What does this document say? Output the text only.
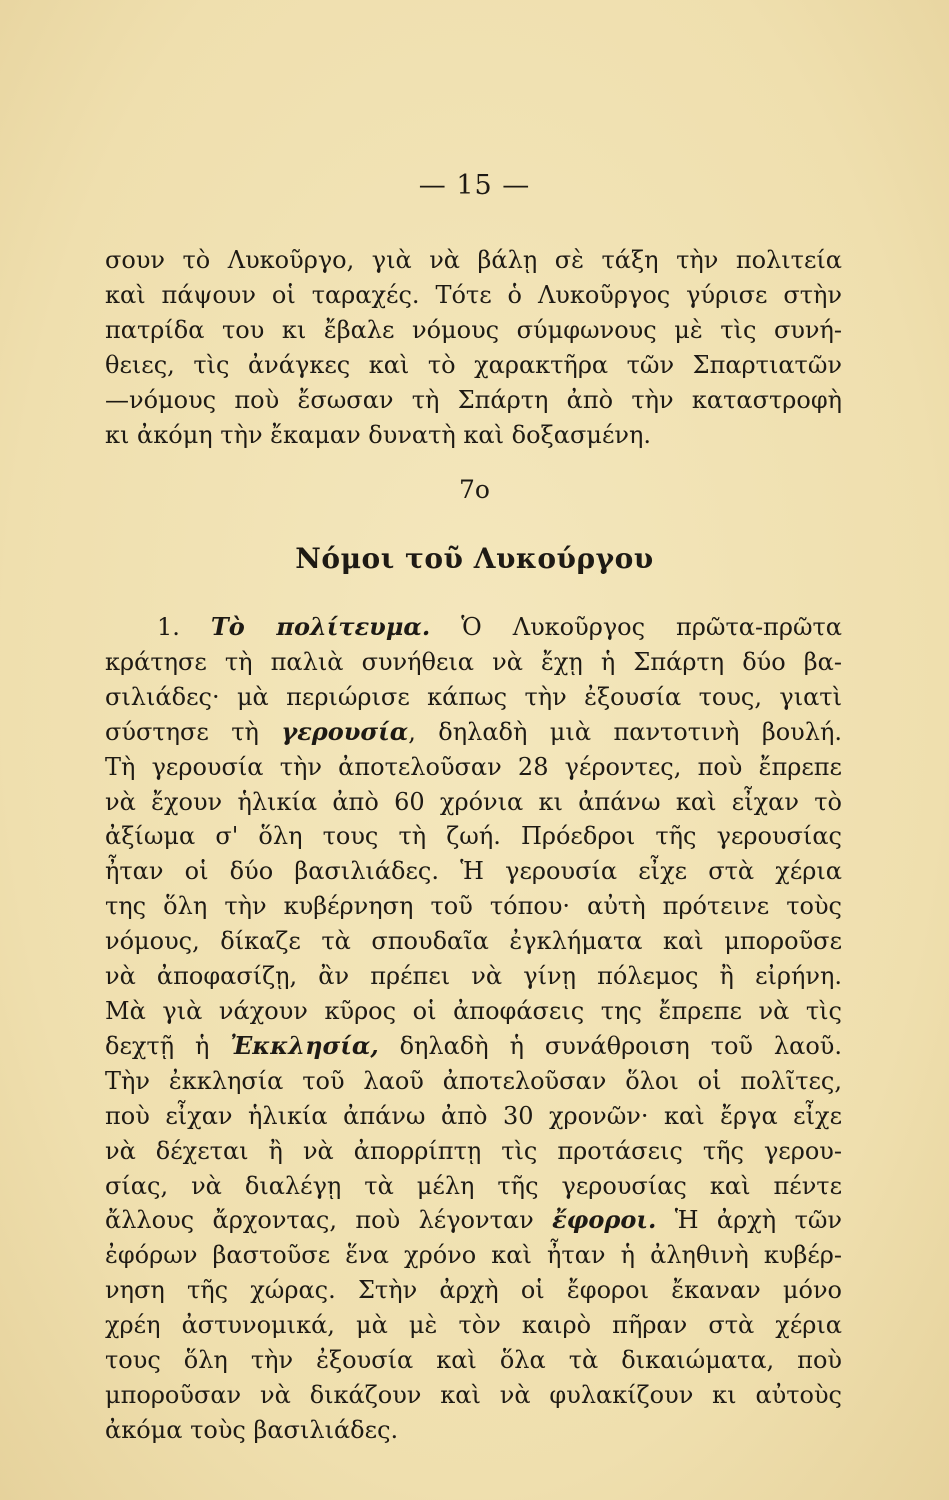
— 15 —
σουν τὸ Λυκοῦργο, γιὰ νὰ βάλῃ σὲ τάξη τὴν πολιτεία
καὶ πάψουν οἱ ταραχές. Τότε ὁ Λυκοῦργος γύρισε στὴν
πατρίδα του κι ἔβαλε νόμους σύμφωνους μὲ τὶς συνή-
θειες, τὶς ἀνάγκες καὶ τὸ χαρακτῆρα τῶν Σπαρτιατῶν
—νόμους ποὺ ἔσωσαν τὴ Σπάρτη ἀπὸ τὴν καταστροφὴ
κι ἀκόμη τὴν ἔκαμαν δυνατὴ καὶ δοξασμένη.
7ο
Νόμοι τοῦ Λυκούργου
1. Τὸ πολίτευμα. Ὁ Λυκοῦργος πρῶτα-πρῶτα
κράτησε τὴ παλιὰ συνήθεια νὰ ἔχῃ ἡ Σπάρτη δύο βα-
σιλιάδες· μὰ περιώρισε κάπως τὴν ἐξουσία τους, γιατὶ
σύστησε τὴ γερουσία, δηλαδὴ μιὰ παντοτινὴ βουλή.
Τὴ γερουσία τὴν ἀποτελοῦσαν 28 γέροντες, ποὺ ἔπρεπε
νὰ ἔχουν ἡλικία ἀπὸ 60 χρόνια κι ἀπάνω καὶ εἶχαν τὸ
ἀξίωμα σ' ὅλη τους τὴ ζωή. Πρόεδροι τῆς γερουσίας
ἦταν οἱ δύο βασιλιάδες. Ἡ γερουσία εἶχε στὰ χέρια
της ὅλη τὴν κυβέρνηση τοῦ τόπου· αὐτὴ πρότεινε τοὺς
νόμους, δίκαζε τὰ σπουδαῖα ἐγκλήματα καὶ μποροῦσε
νὰ ἀποφασίζῃ, ἂν πρέπει νὰ γίνῃ πόλεμος ἢ εἰρήνη.
Μὰ γιὰ νάχουν κῦρος οἱ ἀποφάσεις της ἔπρεπε νὰ τὶς
δεχτῇ ἡ Ἐκκλησία, δηλαδὴ ἡ συνάθροιση τοῦ λαοῦ.
Τὴν ἐκκλησία τοῦ λαοῦ ἀποτελοῦσαν ὅλοι οἱ πολῖτες,
ποὺ εἶχαν ἡλικία ἀπάνω ἀπὸ 30 χρονῶν· καὶ ἔργα εἶχε
νὰ δέχεται ἢ νὰ ἀπορρίπτῃ τὶς προτάσεις τῆς γερου-
σίας, νὰ διαλέγῃ τὰ μέλη τῆς γερουσίας καὶ πέντε
ἄλλους ἄρχοντας, ποὺ λέγονταν ἔφοροι. Ἡ ἀρχὴ τῶν
ἐφόρων βαστοῦσε ἕνα χρόνο καὶ ἦταν ἡ ἀληθινὴ κυβέρ-
νηση τῆς χώρας. Στὴν ἀρχὴ οἱ ἔφοροι ἔκαναν μόνο
χρέη ἀστυνομικά, μὰ μὲ τὸν καιρὸ πῆραν στὰ χέρια
τους ὅλη τὴν ἐξουσία καὶ ὅλα τὰ δικαιώματα, ποὺ
μποροῦσαν νὰ δικάζουν καὶ νὰ φυλακίζουν κι αὐτοὺς
ἀκόμα τοὺς βασιλιάδες.
